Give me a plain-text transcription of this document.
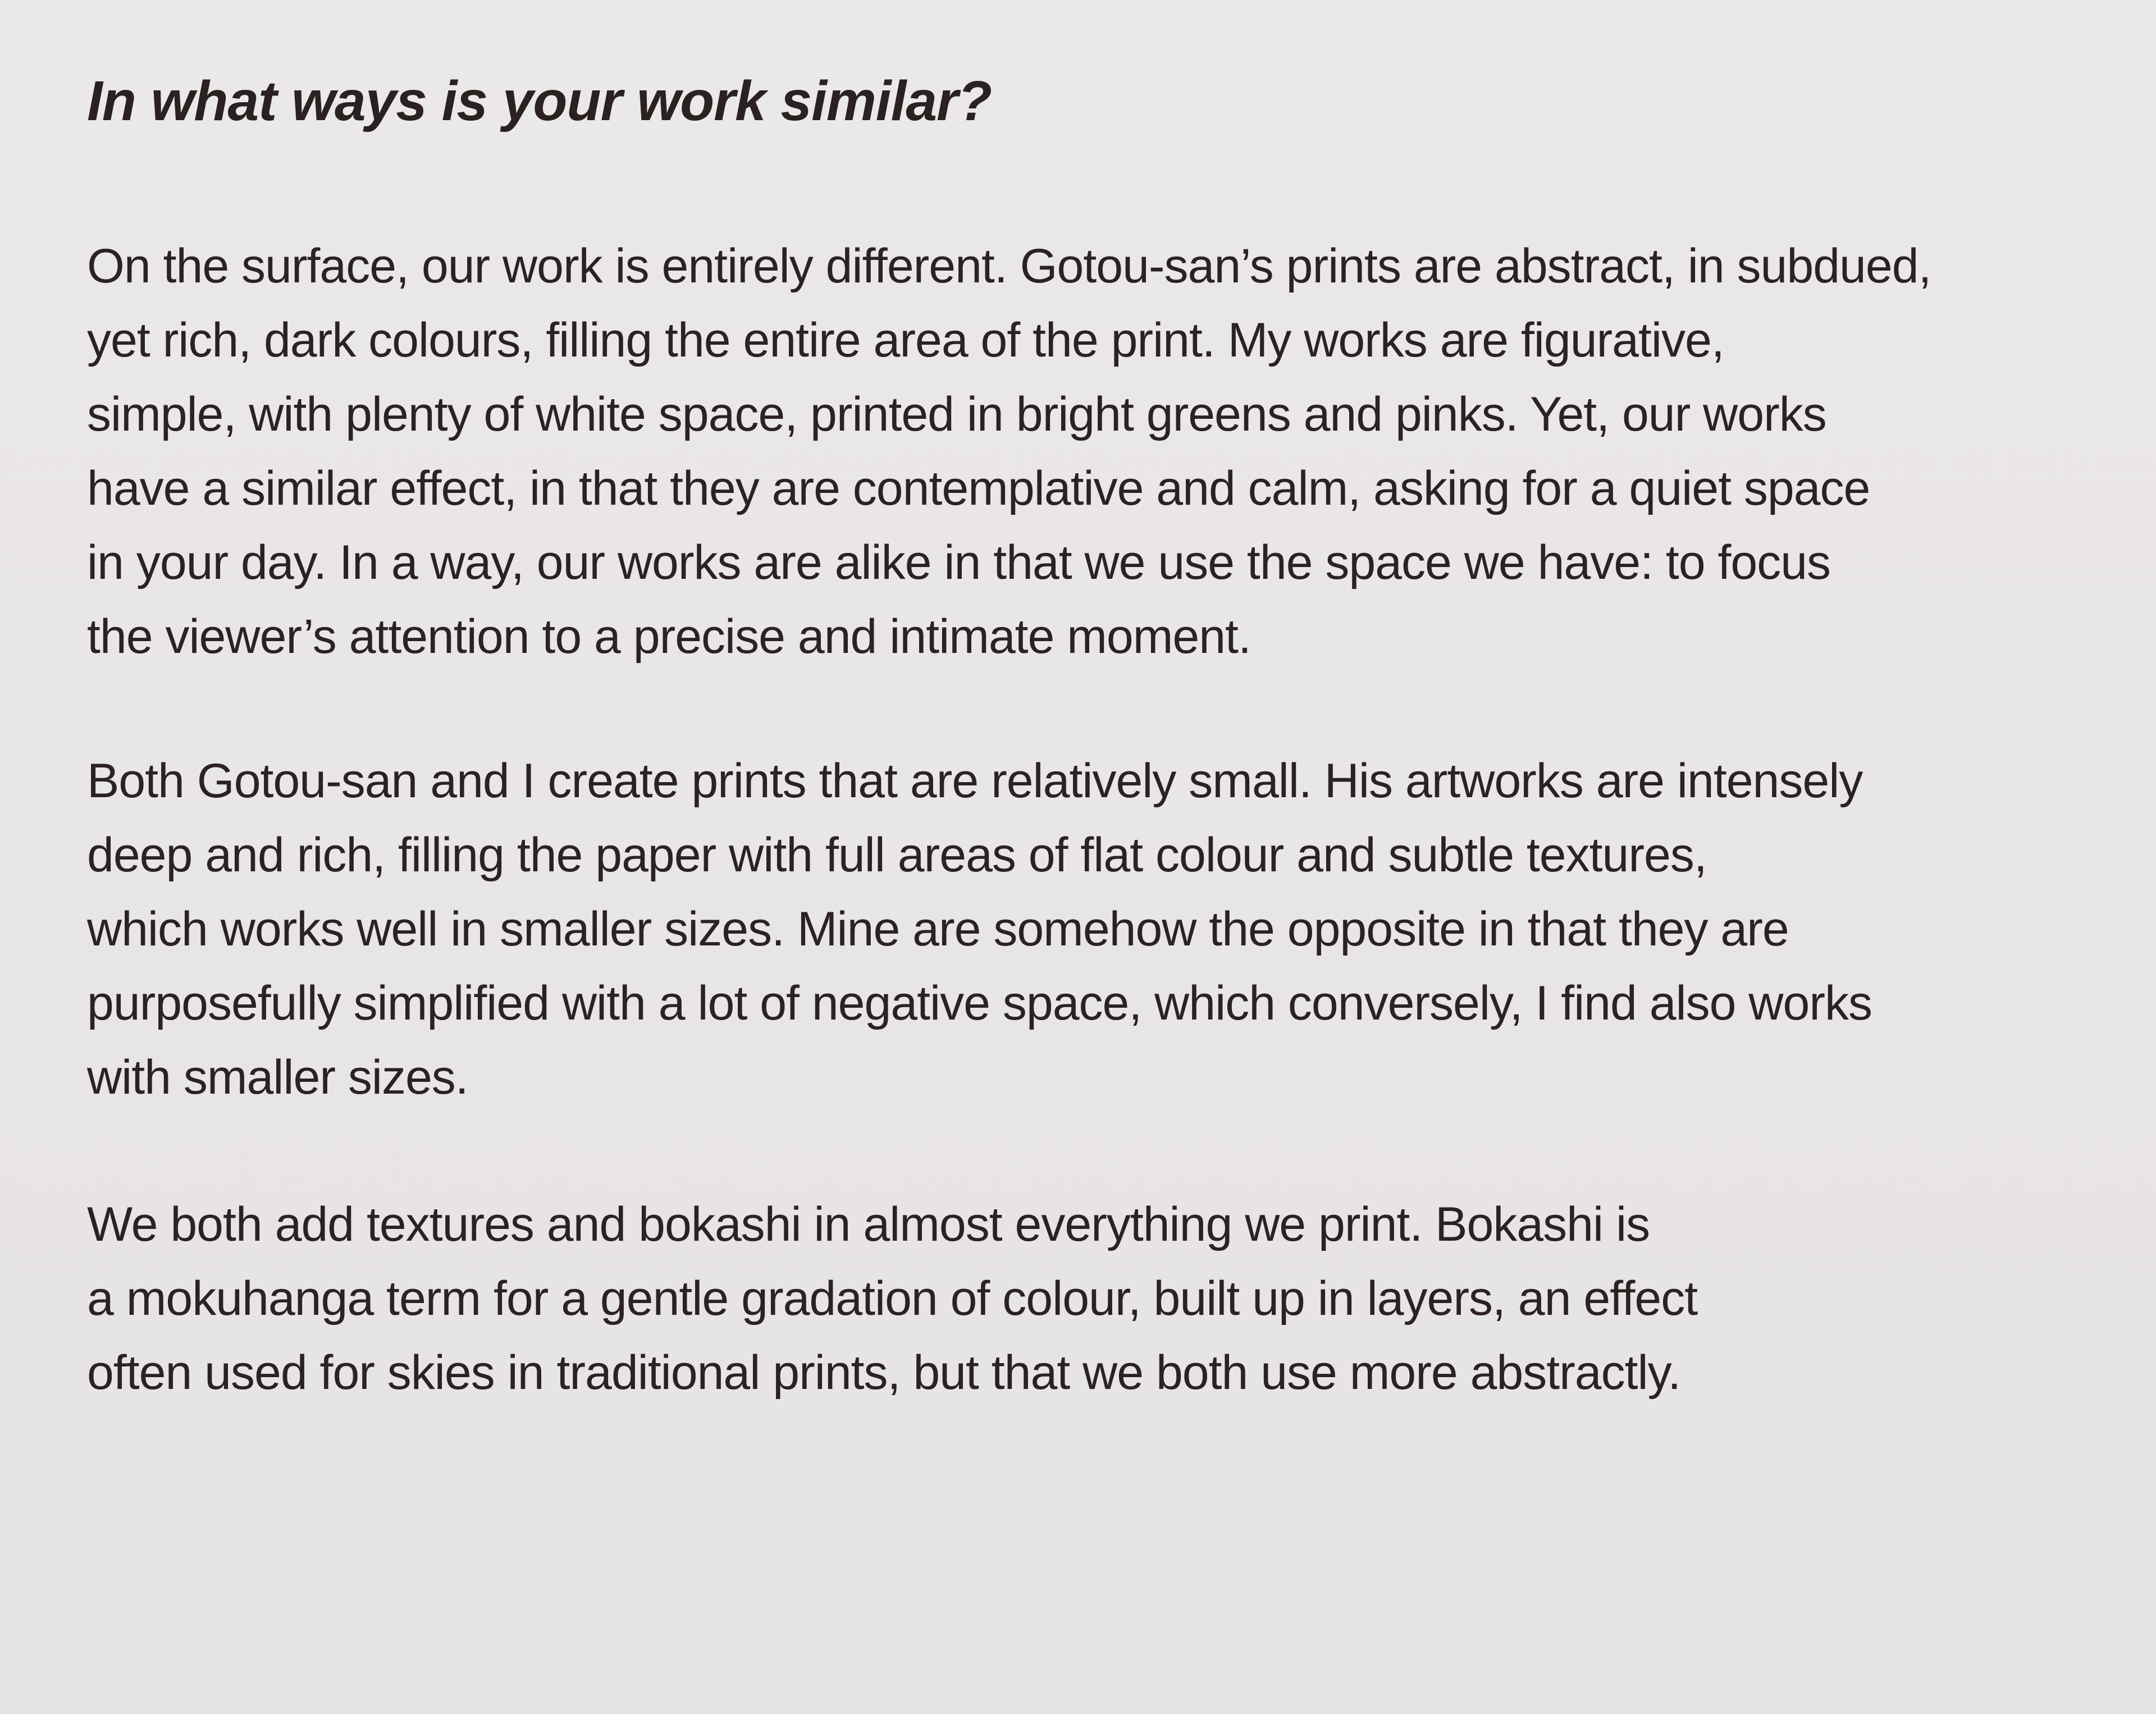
In what ways is your work similar?

On the surface, our work is entirely different. Gotou-san’s prints are abstract, in subdued,
yet rich, dark colours, filling the entire area of the print. My works are figurative,
simple, with plenty of white space, printed in bright greens and pinks. Yet, our works
have a similar effect, in that they are contemplative and calm, asking for a quiet space
in your day. In a way, our works are alike in that we use the space we have: to focus
the viewer’s attention to a precise and intimate moment.

Both Gotou-san and I create prints that are relatively small. His artworks are intensely
deep and rich, filling the paper with full areas of flat colour and subtle textures,
which works well in smaller sizes. Mine are somehow the opposite in that they are
purposefully simplified with a lot of negative space, which conversely, I find also works
with smaller sizes.

We both add textures and bokashi in almost everything we print. Bokashi is
a mokuhanga term for a gentle gradation of colour, built up in layers, an effect
often used for skies in traditional prints, but that we both use more abstractly.
